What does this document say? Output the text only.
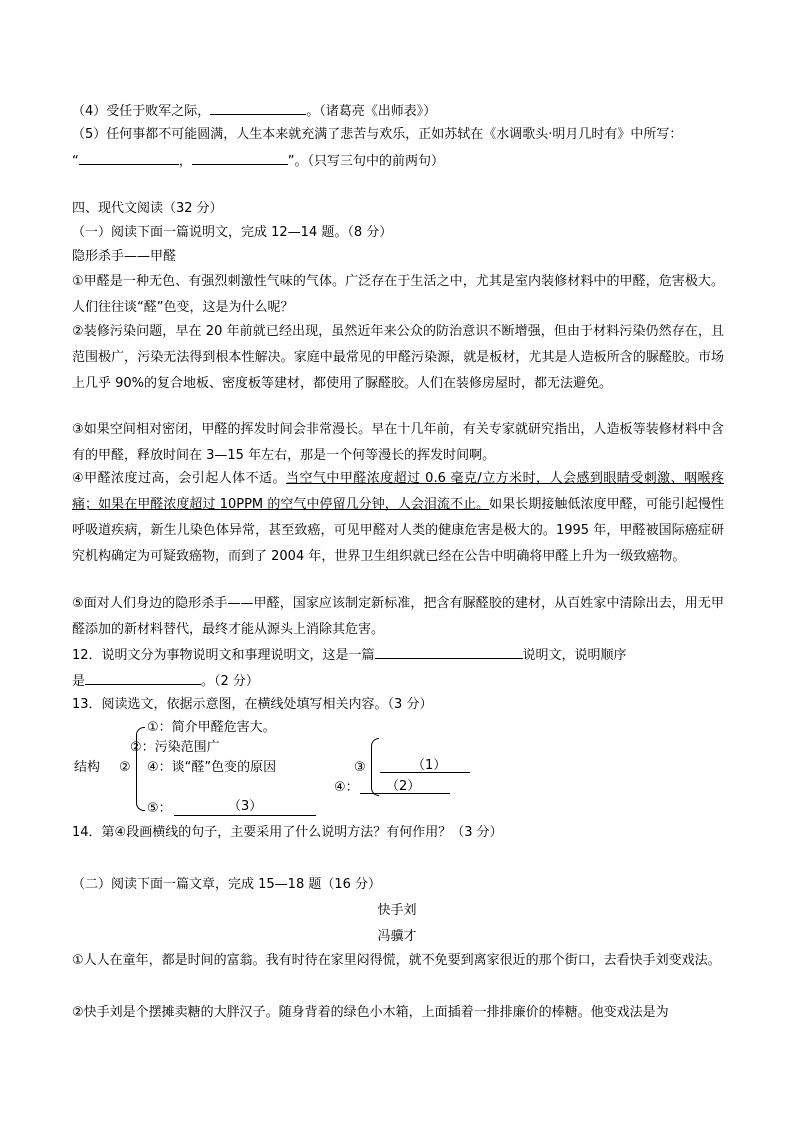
（4）受任于败军之际，	。（诸葛亮《出师表》）
（5）任何事都不可能圆满，人生本来就充满了悲苦与欢乐，正如苏轼在《水调歌头·明月几时有》中所写：
“	，	”。（只写三句中的前两句）
四、现代文阅读（32 分）
（一）阅读下面一篇说明文，完成 12—14 题。（8 分）
隐形杀手——甲醛
①甲醛是一种无色、有强烈刺激性气味的气体。广泛存在于生活之中，尤其是室内装修材料中的甲醛，危害极大。人们往往谈“醛”色变，这是为什么呢？
②装修污染问题，早在 20 年前就已经出现，虽然近年来公众的防治意识不断增强，但由于材料污染仍然存在，且范围极广，污染无法得到根本性解决。家庭中最常见的甲醛污染源，就是板材，尤其是人造板所含的脲醛胶。市场上几乎 90%的复合地板、密度板等建材，都使用了脲醛胶。人们在装修房屋时，都无法避免。
③如果空间相对密闭，甲醛的挥发时间会非常漫长。早在十几年前，有关专家就研究指出，人造板等装修材料中含有的甲醛，释放时间在 3—15 年左右，那是一个何等漫长的挥发时间啊。
④甲醛浓度过高，会引起人体不适。当空气中甲醛浓度超过 0.6 毫克/立方米时，人会感到眼睛受刺激、咽喉疼痛；如果在甲醛浓度超过 10PPM 的空气中停留几分钟，人会泪流不止。如果长期接触低浓度甲醛，可能引起慢性呼吸道疾病，新生儿染色体异常，甚至致癌，可见甲醛对人类的健康危害是极大的。1995 年，甲醛被国际癌症研究机构确定为可疑致癌物，而到了 2004 年，世界卫生组织就已经在公告中明确将甲醛上升为一级致癌物。
⑤面对人们身边的隐形杀手——甲醛，国家应该制定新标准，把含有脲醛胶的建材，从百姓家中清除出去，用无甲醛添加的新材料替代，最终才能从源头上消除其危害。
12．说明文分为事物说明文和事理说明文，这是一篇	说明文，说明顺序
是	。（2 分）
13．阅读选文，依据示意图，在横线处填写相关内容。（3 分）
结构 ②
①：简介甲醛危害大。
②：污染范围广
④：谈“醛”色变的原因
⑤：	（3）
③	（1）
④： （2）
14．第④段画横线的句子，主要采用了什么说明方法？有何作用？（3 分）
（二）阅读下面一篇文章，完成 15—18 题（16 分）
快手刘
冯骥才
①人人在童年，都是时间的富翁。我有时待在家里闷得慌，就不免要到离家很近的那个街口，去看快手刘变戏法。
②快手刘是个摆摊卖糖的大胖汉子。随身背着的绿色小木箱，上面插着一排排廉价的棒糖。他变戏法是为
